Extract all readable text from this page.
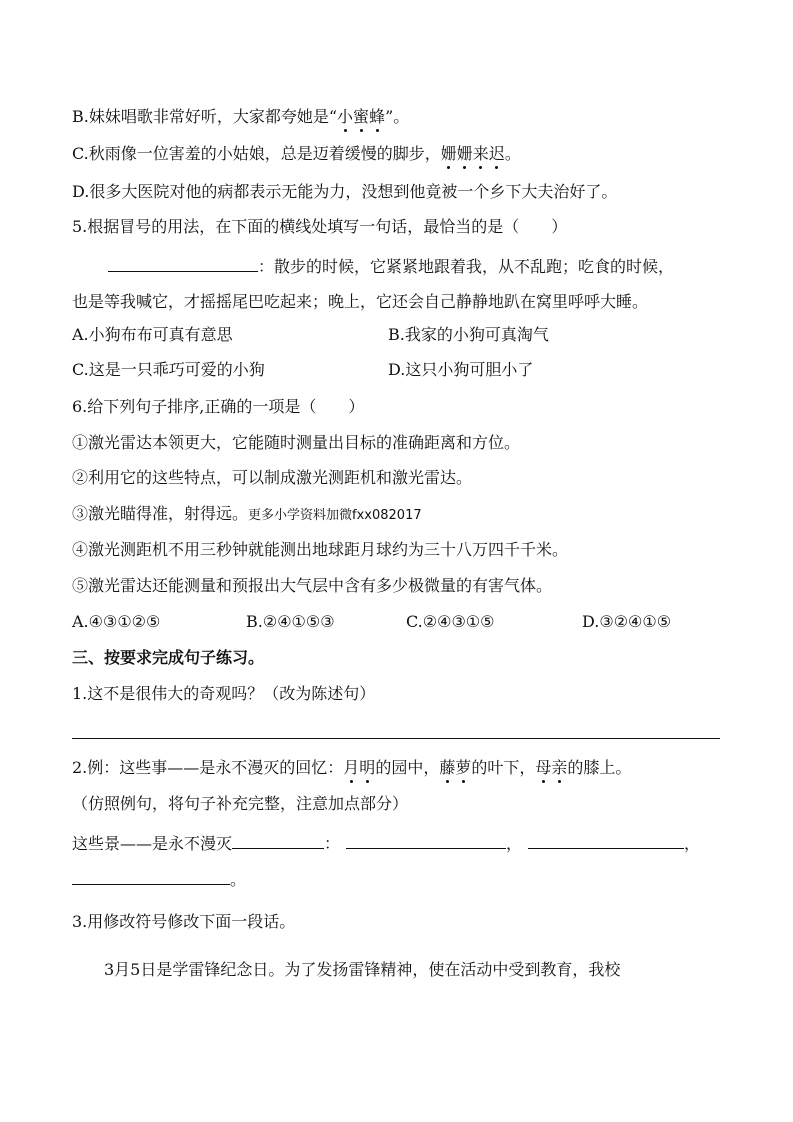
B.妹妹唱歌非常好听，大家都夸她是“小蜜蜂”。
C.秋雨像一位害羞的小姑娘，总是迈着缓慢的脚步，姗姗来迟。
D.很多大医院对他的病都表示无能为力，没想到他竟被一个乡下大夫治好了。
5.根据冒号的用法，在下面的横线处填写一句话，最恰当的是（　　）
：散步的时候，它紧紧地跟着我，从不乱跑；吃食的时候，
也是等我喊它，才摇摇尾巴吃起来；晚上，它还会自己静静地趴在窝里呼呼大睡。
A.小狗布布可真有意思	B.我家的小狗可真淘气
C.这是一只乖巧可爱的小狗	D.这只小狗可胆小了
6.给下列句子排序,正确的一项是（　　）
①激光雷达本领更大，它能随时测量出目标的准确距离和方位。
②利用它的这些特点，可以制成激光测距机和激光雷达。
③激光瞄得准，射得远。更多小学资料加微fxx082017
④激光测距机不用三秒钟就能测出地球距月球约为三十八万四千千米。
⑤激光雷达还能测量和预报出大气层中含有多少极微量的有害气体。
A.④③①②⑤	B.②④①⑤③	C.②④③①⑤	D.③②④①⑤
三、按要求完成句子练习。
1.这不是很伟大的奇观吗？（改为陈述句）
2.例：这些事——是永不漫灭的回忆：月明的园中，藤萝的叶下，母亲的膝上。
（仿照例句，将句子补充完整，注意加点部分）
这些景——是永不漫灭	：	，	，
。
3.用修改符号修改下面一段话。
3月5日是学雷锋纪念日。为了发扬雷锋精神，使在活动中受到教育，我校
